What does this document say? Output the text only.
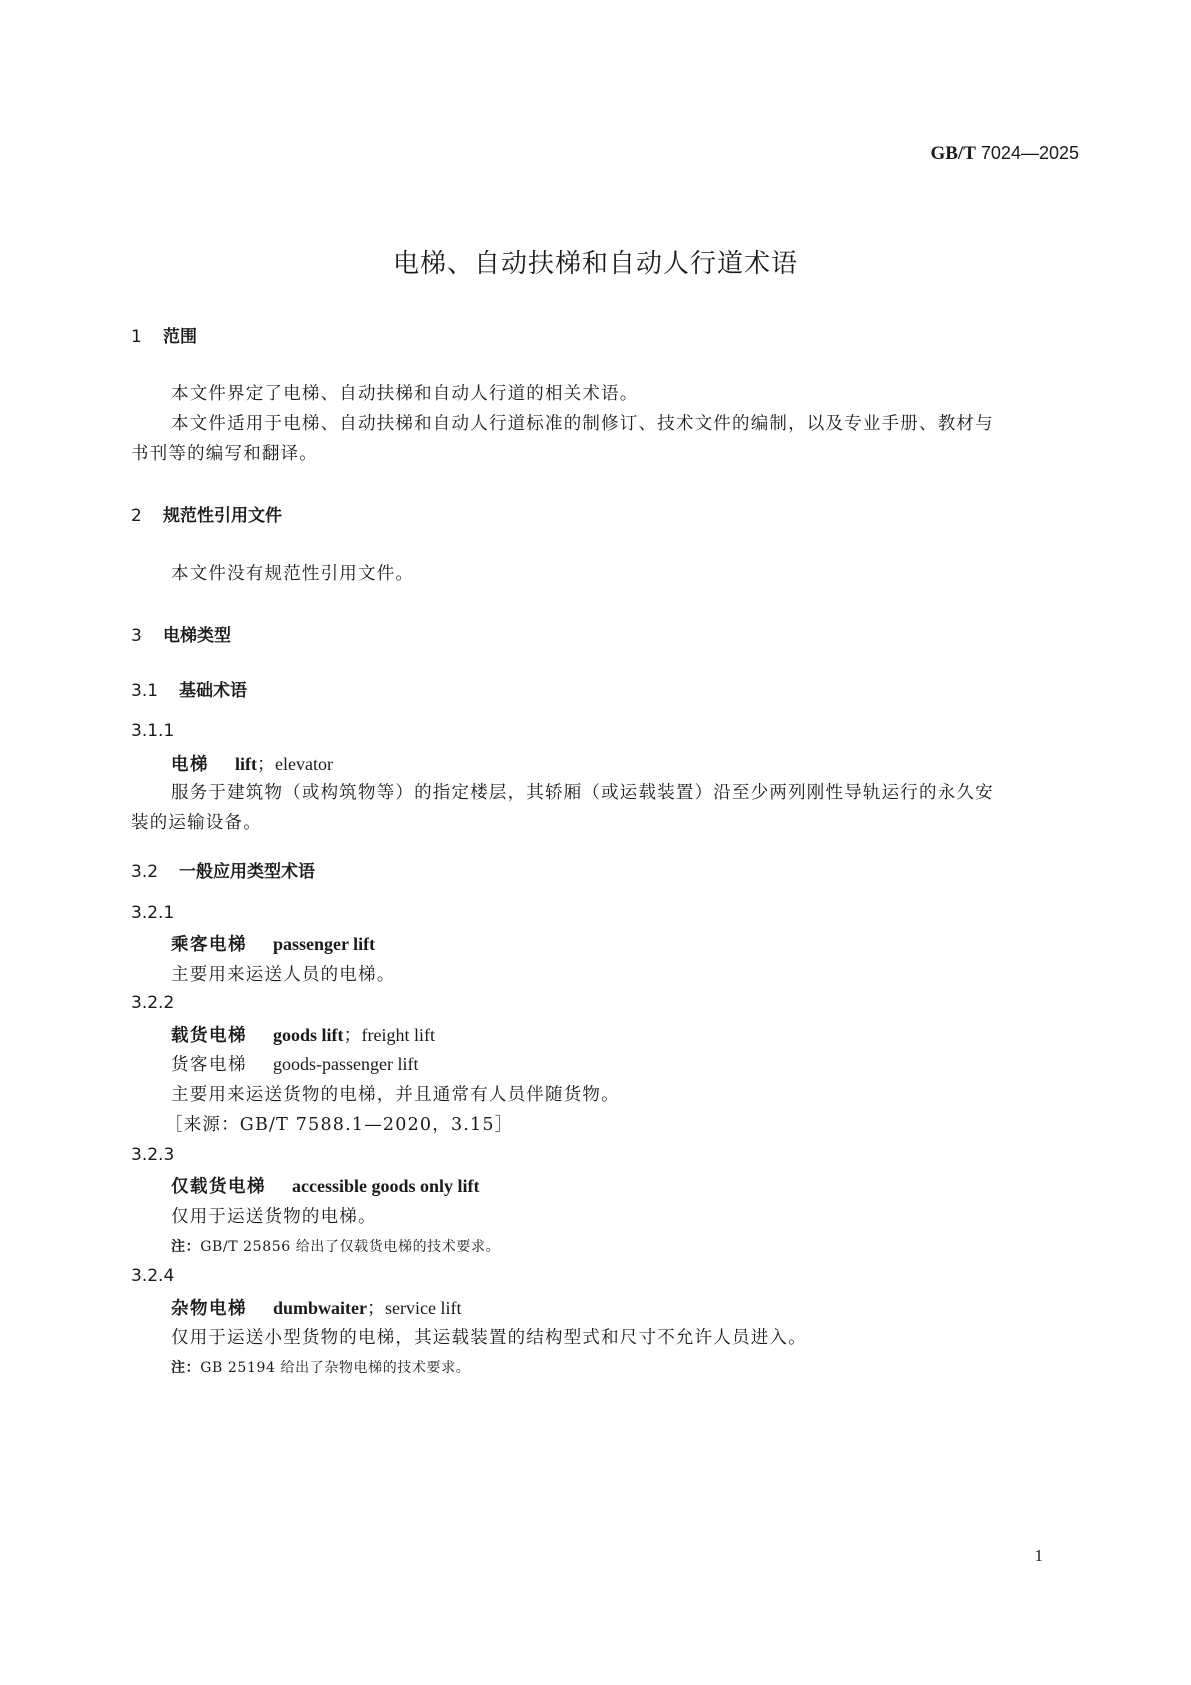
GB/T 7024—2025
电梯、自动扶梯和自动人行道术语
1 范围
本文件界定了电梯、自动扶梯和自动人行道的相关术语。
本文件适用于电梯、自动扶梯和自动人行道标准的制修订、技术文件的编制，以及专业手册、教材与
书刊等的编写和翻译。
2 规范性引用文件
本文件没有规范性引用文件。
3 电梯类型
3.1 基础术语
3.1.1
电梯 lift；elevator
服务于建筑物（或构筑物等）的指定楼层，其轿厢（或运载装置）沿至少两列刚性导轨运行的永久安
装的运输设备。
3.2 一般应用类型术语
3.2.1
乘客电梯 passenger lift
主要用来运送人员的电梯。
3.2.2
载货电梯 goods lift；freight lift
货客电梯 goods-passenger lift
主要用来运送货物的电梯，并且通常有人员伴随货物。
［来源：GB/T 7588.1—2020，3.15］
3.2.3
仅载货电梯 accessible goods only lift
仅用于运送货物的电梯。
注：GB/T 25856 给出了仅载货电梯的技术要求。
3.2.4
杂物电梯 dumbwaiter；service lift
仅用于运送小型货物的电梯，其运载装置的结构型式和尺寸不允许人员进入。
注：GB 25194 给出了杂物电梯的技术要求。
1
